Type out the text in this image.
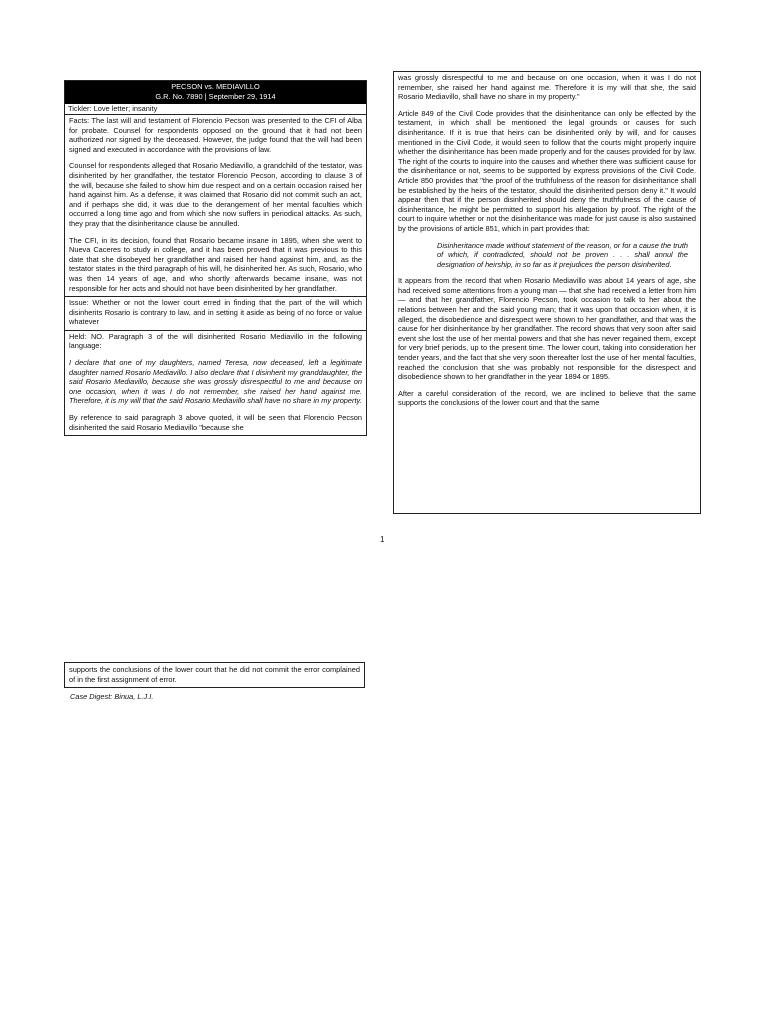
PECSON vs. MEDIAVILLO
G.R. No. 7890 | September 29, 1914
Tickler: Love letter; insanity

Facts: The last will and testament of Florencio Pecson was presented to the CFI of Alba for probate. Counsel for respondents opposed on the ground that it had not been authorized nor signed by the deceased. However, the judge found that the will had been signed and executed in accordance with the provisions of law.

Counsel for respondents alleged that Rosario Mediavillo, a grandchild of the testator, was disinherited by her grandfather, the testator Florencio Pecson, according to clause 3 of the will, because she failed to show him due respect and on a certain occasion raised her hand against him. As a defense, it was claimed that Rosario did not commit such an act, and if perhaps she did, it was due to the derangement of her mental faculties which occurred a long time ago and from which she now suffers in periodical attacks. As such, they pray that the disinheritance clause be annulled.

The CFI, in its decision, found that Rosario became insane in 1895, when she went to Nueva Caceres to study in college, and it has been proved that it was previous to this date that she disobeyed her grandfather and raised her hand against him, and, as the testator states in the third paragraph of his will, he disinherited her. As such, Rosario, who was then 14 years of age, and who shortly afterwards became insane, was not responsible for her acts and should not have been disinherited by her grandfather.

Issue: Whether or not the lower court erred in finding that the part of the will which disinherits Rosario is contrary to law, and in setting it aside as being of no force or value whatever

Held: NO. Paragraph 3 of the will disinherited Rosario Mediavillo in the following language:

I declare that one of my daughters, named Teresa, now deceased, left a legitimate daughter named Rosario Mediavillo. I also declare that I disinherit my granddaughter, the said Rosario Mediavillo, because she was grossly disrespectful to me and because on one occasion, when it was I do not remember, she raised her hand against me. Therefore, it is my will that the said Rosario Mediavillo shall have no share in my property.

By reference to said paragraph 3 above quoted, it will be seen that Florencio Pecson disinherited the said Rosario Mediavillo "because she

was grossly disrespectful to me and because on one occasion, when it was I do not remember, she raised her hand against me. Therefore it is my will that she, the said Rosario Mediavillo, shall have no share in my property."

Article 849 of the Civil Code provides that the disinheritance can only be effected by the testament, in which shall be mentioned the legal grounds or causes for such disinheritance. If it is true that heirs can be disinherited only by will, and for causes mentioned in the Civil Code, it would seen to follow that the courts might properly inquire whether the disinheritance has been made properly and for the causes provided for by law. The right of the courts to inquire into the causes and whether there was sufficient cause for the disinheritance or not, seems to be supported by express provisions of the Civil Code. Article 850 provides that "the proof of the truthfulness of the reason for disinheritance shall be established by the heirs of the testator, should the disinherited person deny it." It would appear then that if the person disinherited should deny the truthfulness of the cause of disinheritance, he might be permitted to support his allegation by proof. The right of the court to inquire whether or not the disinheritance was made for just cause is also sustained by the provisions of article 851, which in part provides that:

Disinheritance made without statement of the reason, or for a cause the truth of which, if contradicted, should not be proven . . . shall annul the designation of heirship, in so far as it prejudices the person disinherited.

It appears from the record that when Rosario Mediavillo was about 14 years of age, she had received some attentions from a young man — that she had received a letter from him — and that her grandfather, Florencio Pecson, took occasion to talk to her about the relations between her and the said young man; that it was upon that occasion when, it is alleged, the disobedience and disrespect were shown to her grandfather, and that was the cause for her disinheritance by her grandfather. The record shows that very soon after said event she lost the use of her mental powers and that she has never regained them, except for very brief periods, up to the present time. The lower court, taking into consideration her tender years, and the fact that she very soon thereafter lost the use of her mental faculties, reached the conclusion that she was probably not responsible for the disrespect and disobedience shown to her grandfather in the year 1894 or 1895.

After a careful consideration of the record, we are inclined to believe that the same supports the conclusions of the lower court and that the same

1

supports the conclusions of the lower court that he did not commit the error complained of in the first assignment of error.

Case Digest: Binua, L.J.I.
